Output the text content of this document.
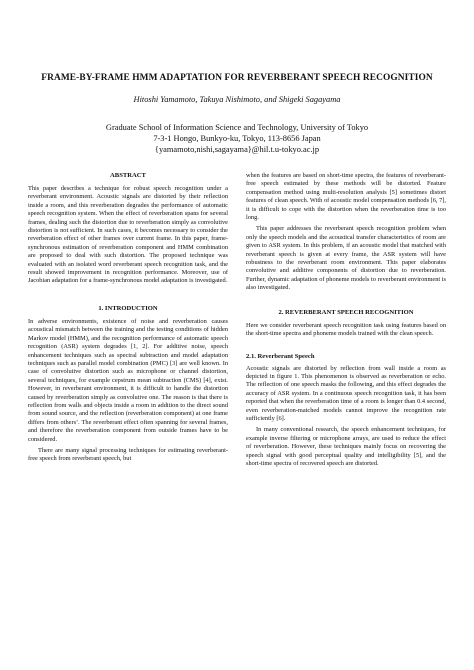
FRAME-BY-FRAME HMM ADAPTATION FOR REVERBERANT SPEECH RECOGNITION
Hitoshi Yamamoto, Takuya Nishimoto, and Shigeki Sagayama
Graduate School of Information Science and Technology, University of Tokyo
7-3-1 Hongo, Bunkyo-ku, Tokyo, 113-8656 Japan
{yamamoto,nishi,sagayama}@hil.t.u-tokyo.ac.jp
ABSTRACT

This paper describes a technique for robust speech recognition under a reverberant environment. Acoustic signals are distorted by their reflection inside a room, and this reverberation degrades the performance of automatic speech recognition system. When the effect of reverberation spans for several frames, dealing such the distortion due to reverberation simply as convolutive distortion is not sufficient. In such cases, it becomes necessary to consider the reverberation effect of other frames over current frame. In this paper, frame-synchronous estimation of reverberation component and HMM combination are proposed to deal with such distortion. The proposed technique was evaluated with an isolated word reverberant speech recognition task, and the result showed improvement in recognition performance. Moreover, use of Jacobian adaptation for a frame-synchronous model adaptation is investigated.

1. INTRODUCTION

In adverse environments, existence of noise and reverberation causes acoustical mismatch between the training and the testing conditions of hidden Markov model (HMM), and the recognition performance of automatic speech recognition (ASR) system degrades [1, 2]. For additive noise, speech enhancement techniques such as spectral subtraction and model adaptation techniques such as parallel model combination (PMC) [3] are well known. In case of convolutive distortion such as microphone or channel distortion, several techniques, for example cepstrum mean subtraction (CMS) [4], exist. However, in reverberant environment, it is difficult to handle the distortion caused by reverberation simply as convolutive one. The reason is that there is reflection from walls and objects inside a room in addition to the direct sound from sound source, and the reflection (reverberation component) at one frame differs from others’. The reverberant effect often spanning for several frames, and therefore the reverberation component from outside frames have to be considered.

There are many signal processing techniques for estimating reverberant-free speech from reverberant speech, but

when the features are based on short-time spectra, the features of reverberant-free speech estimated by these methods will be distorted. Feature compensation method using multi-resolution analysis [5] sometimes distort features of clean speech. With of acoustic model compensation methods [6, 7], it is difficult to cope with the distortion when the reverberation time is too long.

This paper addresses the reverberant speech recognition problem when only the speech models and the acoustical transfer characteristics of room are given to ASR system. In this problem, if an acoustic model that matched with reverberant speech is given at every frame, the ASR system will have robustness to the reverberant room environment. This paper elaborates convolutive and additive components of distortion due to reverberation. Further, dynamic adaptation of phoneme models to reverberant environment is also investigated.

2. REVERBERANT SPEECH RECOGNITION

Here we consider reverberant speech recognition task using features based on the short-time spectra and phoneme models trained with the clean speech.

2.1. Reverberant Speech

Acoustic signals are distorted by reflection from wall inside a room as depicted in figure 1. This phenomenon is observed as reverberation or echo. The reflection of one speech masks the following, and this effect degrades the accuracy of ASR system. In a continuous speech recognition task, it has been reported that when the reverberation time of a room is longer than 0.4 second, even reverberation-matched models cannot improve the recognition rate sufficiently [6].

In many conventional research, the speech enhancement techniques, for example inverse filtering or microphone arrays, are used to reduce the effect of reverberation. However, these techniques mainly focus on recovering the speech signal with good perceptual quality and intelligibility [5], and the short-time spectra of recovered speech are distorted.
